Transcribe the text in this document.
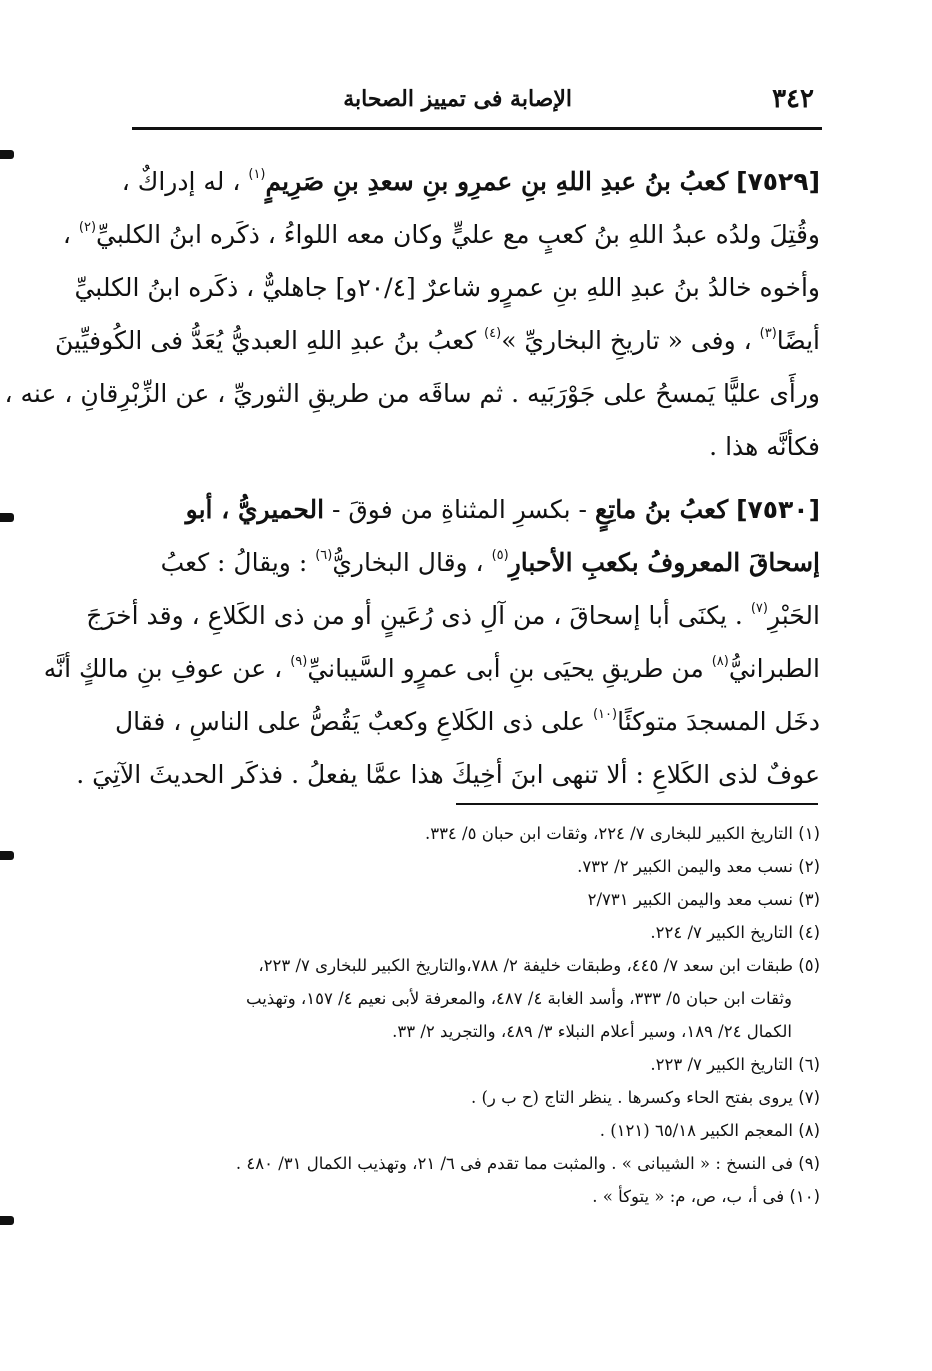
٣٤٢
الإصابة فى تمييز الصحابة
[٧٥٢٩] كعبُ بنُ عبدِ اللهِ بنِ عمرِو بنِ سعدِ بنِ صَرِيمٍ$^{(١)}$ ، له إدراكٌ ،
وقُتِلَ ولدُه عبدُ اللهِ بنُ كعبٍ مع عليٍّ وكان معه اللواءُ ، ذكَره ابنُ الكلبيِّ$^{(٢)}$ ،
وأخوه خالدُ بنُ عبدِ اللهِ بنِ عمرٍو شاعرٌ [٢٠/٤و] جاهليٌّ ، ذكَره ابنُ الكلبيِّ
أيضًا$^{(٣)}$ ، وفى « تاريخِ البخاريِّ »$^{(٤)}$ كعبُ بنُ عبدِ اللهِ العبديُّ يُعَدُّ فى الكُوفيِّينَ
ورأَى عليًّا يَمسحُ على جَوْرَبَيه . ثم ساقَه من طريقِ الثوريِّ ، عن الزِّبْرِقانِ ، عنه ،
فكأنَّه هذا .
[٧٥٣٠] كعبُ بنُ ماتِعٍ - بكسرِ المثناةِ من فوقَ - الحميريُّ ، أبو
إسحاقَ المعروفُ بكعبِ الأحبارِ$^{(٥)}$ ، وقال البخاريُّ$^{(٦)}$ : ويقالُ : كعبُ
الحَبْرِ$^{(٧)}$ . يكنَى أبا إسحاقَ ، من آلِ ذى رُعَينٍ أو من ذى الكَلاعِ ، وقد أخرَجَ
الطبرانيُّ$^{(٨)}$ من طريقِ يحيَى بنِ أبى عمرٍو السَّيبانيِّ$^{(٩)}$ ، عن عوفِ بنِ مالكٍ أنَّه
دخَل المسجدَ متوكئًا$^{(١٠)}$ على ذى الكَلاعِ وكعبٌ يَقُصُّ على الناسِ ، فقال
عوفٌ لذى الكَلاعِ : ألا تنهى ابنَ أخِيكَ هذا عمَّا يفعلُ . فذكَر الحديثَ الآتِيَ .
(١) التاريخ الكبير للبخارى ٧/ ٢٢٤، وثقات ابن حبان ٥/ ٣٣٤.
(٢) نسب معد واليمن الكبير ٢/ ٧٣٢.
(٣) نسب معد واليمن الكبير ٢/٧٣١
(٤) التاريخ الكبير ٧/ ٢٢٤.
(٥) طبقات ابن سعد ٧/ ٤٤٥، وطبقات خليفة ٢/ ٧٨٨،والتاريخ الكبير للبخارى ٧/ ٢٢٣،
وثقات ابن حبان ٥/ ٣٣٣، وأسد الغابة ٤/ ٤٨٧، والمعرفة لأبى نعيم ٤/ ١٥٧، وتهذيب
الكمال ٢٤/ ١٨٩، وسير أعلام النبلاء ٣/ ٤٨٩، والتجريد ٢/ ٣٣.
(٦) التاريخ الكبير ٧/ ٢٢٣.
(٧) يروى بفتح الحاء وكسرها . ينظر التاج (ح ب ر) .
(٨) المعجم الكبير ٦٥/١٨ (١٢١) .
(٩) فى النسخ : « الشيبانى » . والمثبت مما تقدم فى ٦/ ٢١، وتهذيب الكمال ٣١/ ٤٨٠ .
(١٠) فى أ، ب، ص، م: « يتوكأ » .
